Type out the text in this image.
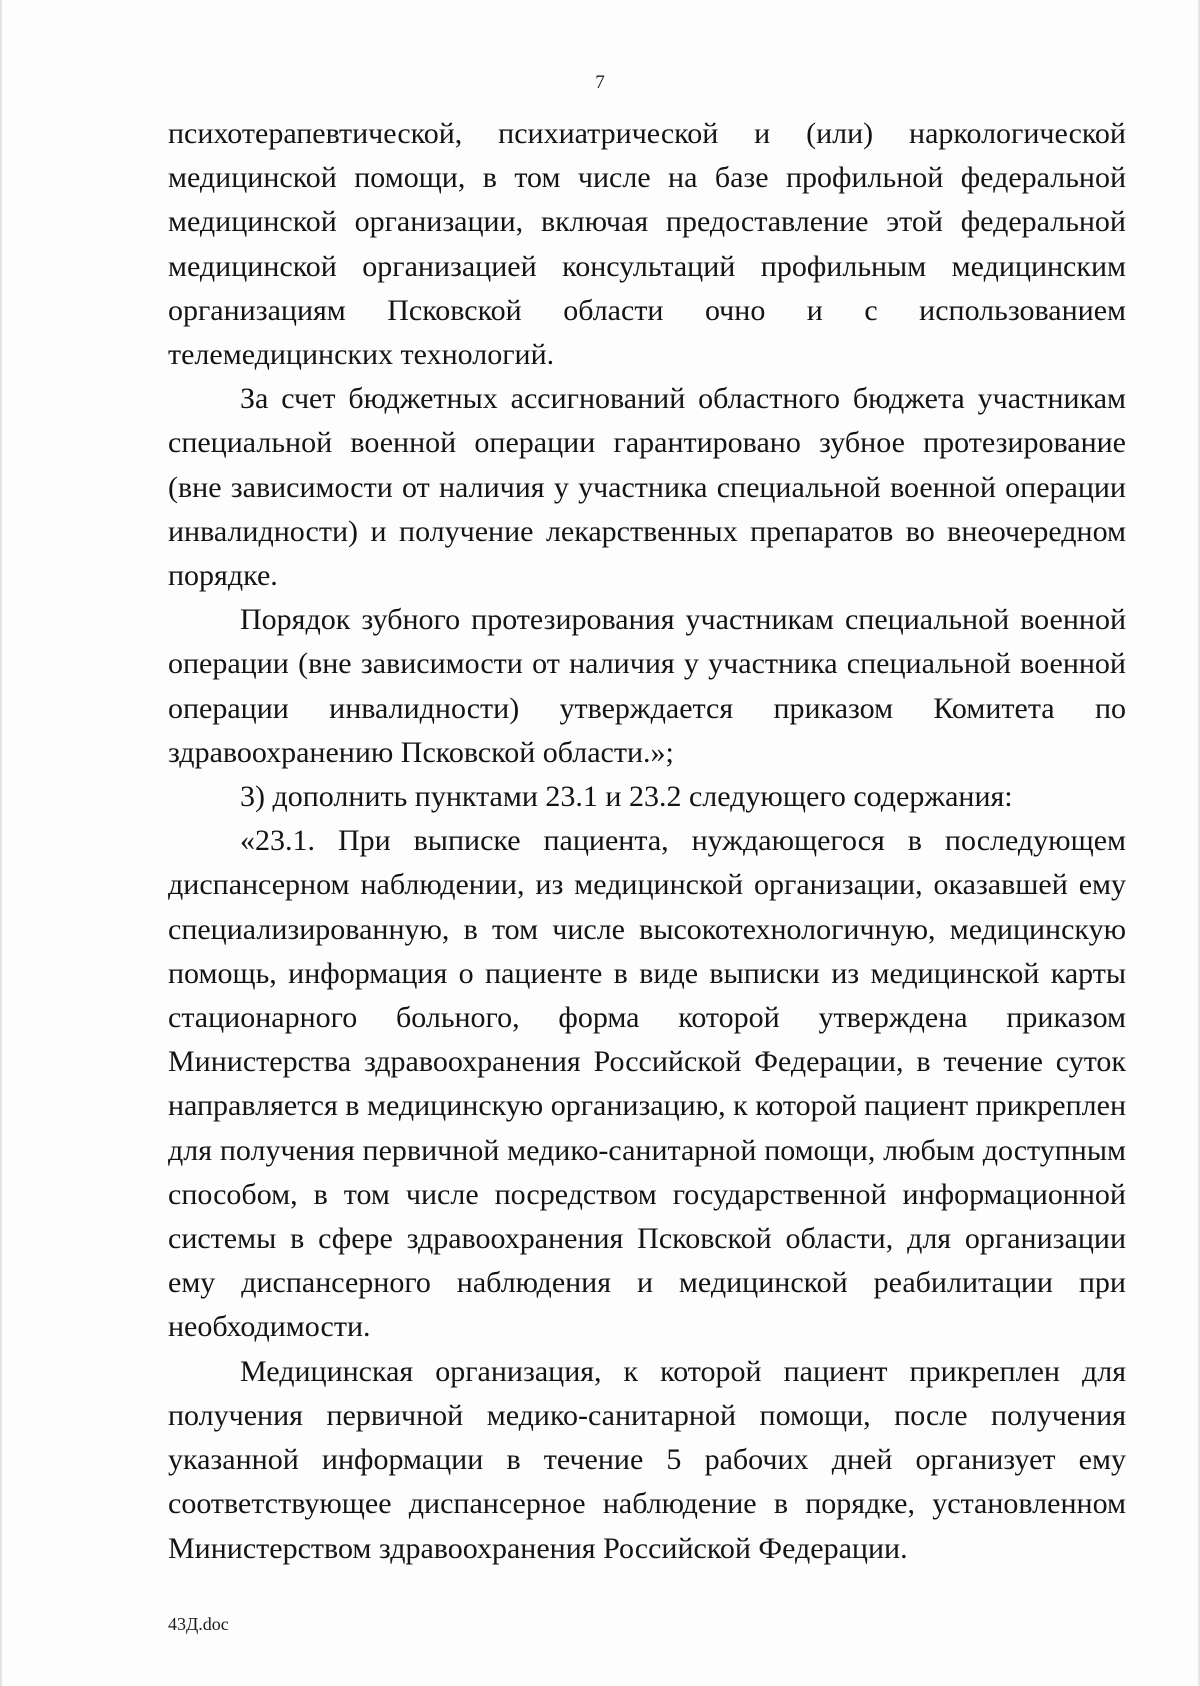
7

психотерапевтической, психиатрической и (или) наркологической медицинской помощи, в том числе на базе профильной федеральной медицинской организации, включая предоставление этой федеральной медицинской организацией консультаций профильным медицинским организациям Псковской области очно и с использованием телемедицинских технологий.

За счет бюджетных ассигнований областного бюджета участникам специальной военной операции гарантировано зубное протезирование (вне зависимости от наличия у участника специальной военной операции инвалидности) и получение лекарственных препаратов во внеочередном порядке.

Порядок зубного протезирования участникам специальной военной операции (вне зависимости от наличия у участника специальной военной операции инвалидности) утверждается приказом Комитета по здравоохранению Псковской области.»;

3) дополнить пунктами 23.1 и 23.2 следующего содержания:

«23.1. При выписке пациента, нуждающегося в последующем диспансерном наблюдении, из медицинской организации, оказавшей ему специализированную, в том числе высокотехнологичную, медицинскую помощь, информация о пациенте в виде выписки из медицинской карты стационарного больного, форма которой утверждена приказом Министерства здравоохранения Российской Федерации, в течение суток направляется в медицинскую организацию, к которой пациент прикреплен для получения первичной медико-санитарной помощи, любым доступным способом, в том числе посредством государственной информационной системы в сфере здравоохранения Псковской области, для организации ему диспансерного наблюдения и медицинской реабилитации при необходимости.

Медицинская организация, к которой пациент прикреплен для получения первичной медико-санитарной помощи, после получения указанной информации в течение 5 рабочих дней организует ему соответствующее диспансерное наблюдение в порядке, установленном Министерством здравоохранения Российской Федерации.

43Д.doc
